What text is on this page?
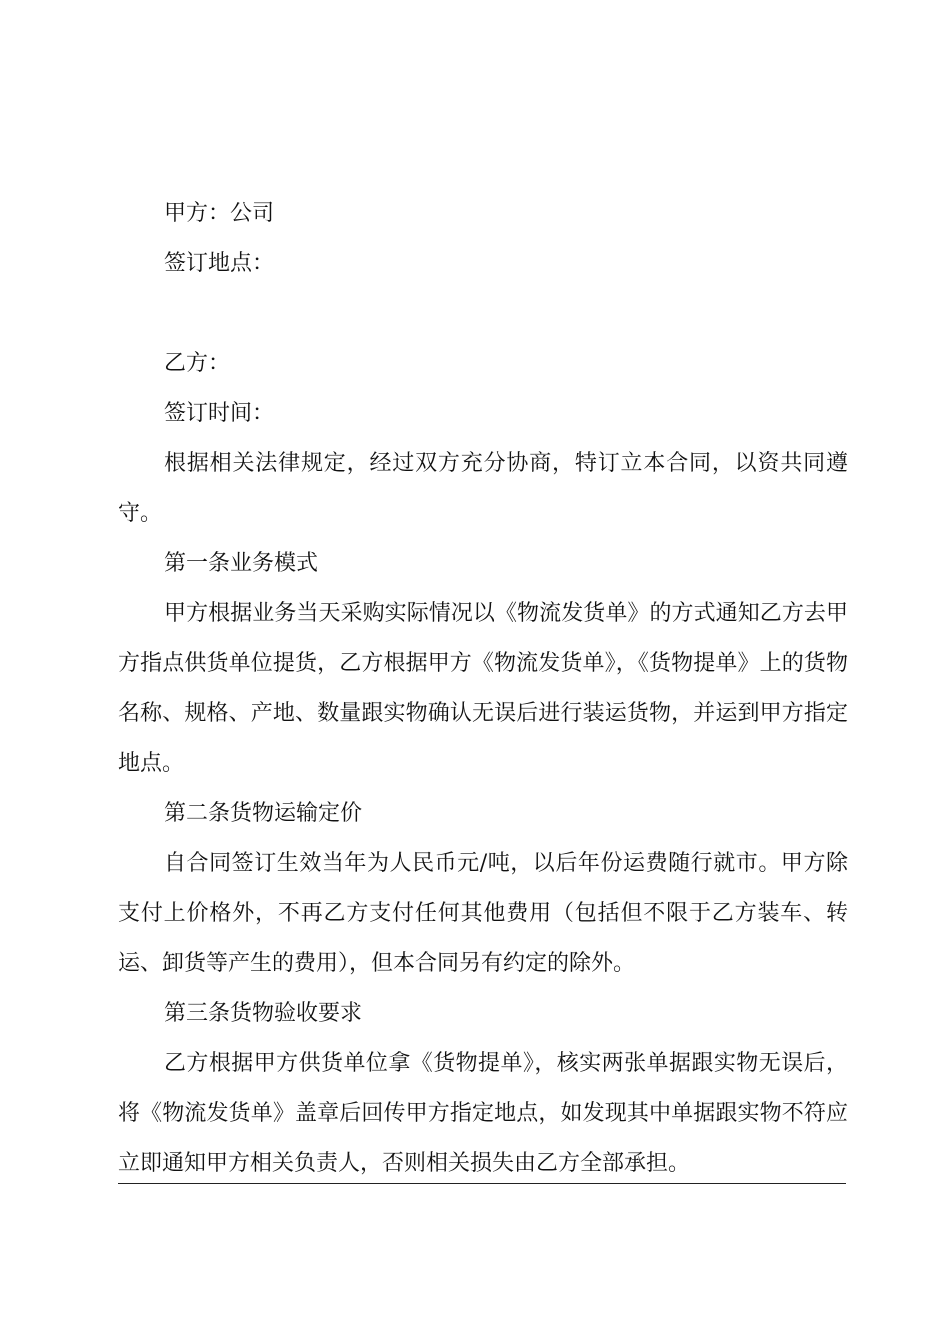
甲方：公司
签订地点：
乙方：
签订时间：
根据相关法律规定，经过双方充分协商，特订立本合同，以资共同遵守。
第一条业务模式
甲方根据业务当天采购实际情况以《物流发货单》的方式通知乙方去甲方指点供货单位提货，乙方根据甲方《物流发货单》，《货物提单》上的货物名称、规格、产地、数量跟实物确认无误后进行装运货物，并运到甲方指定地点。
第二条货物运输定价
自合同签订生效当年为人民币元/吨，以后年份运费随行就市。甲方除支付上价格外，不再乙方支付任何其他费用（包括但不限于乙方装车、转运、卸货等产生的费用），但本合同另有约定的除外。
第三条货物验收要求
乙方根据甲方供货单位拿《货物提单》，核实两张单据跟实物无误后，将《物流发货单》盖章后回传甲方指定地点，如发现其中单据跟实物不符应立即通知甲方相关负责人，否则相关损失由乙方全部承担。
